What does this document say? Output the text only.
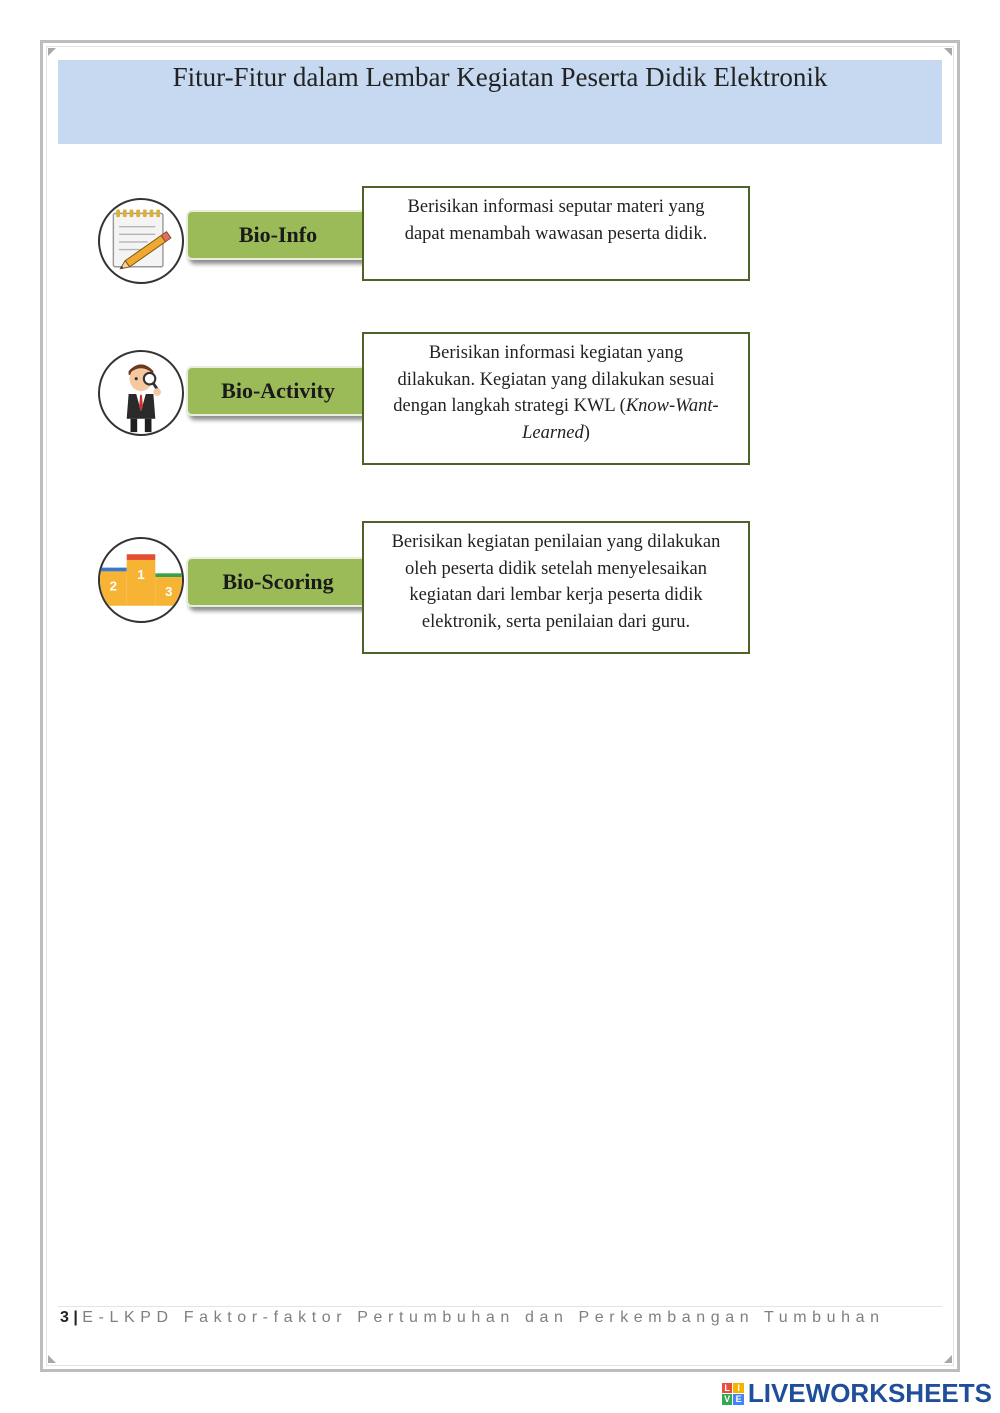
Fitur-Fitur dalam Lembar Kegiatan Peserta Didik Elektronik
Bio-Info
Berisikan informasi seputar materi yang
dapat menambah wawasan peserta didik.
Bio-Activity
Berisikan informasi kegiatan yang
dilakukan. Kegiatan yang dilakukan sesuai
dengan langkah strategi KWL (Know-Want-
Learned)
1
2	3	Bio-Scoring
Berisikan kegiatan penilaian yang dilakukan
oleh peserta didik setelah menyelesaikan
kegiatan dari lembar kerja peserta didik
elektronik, serta penilaian dari guru.
3 | E-LKPD Faktor-faktor Pertumbuhan dan Perkembangan Tumbuhan
L I
V E LIVEWORKSHEETS
